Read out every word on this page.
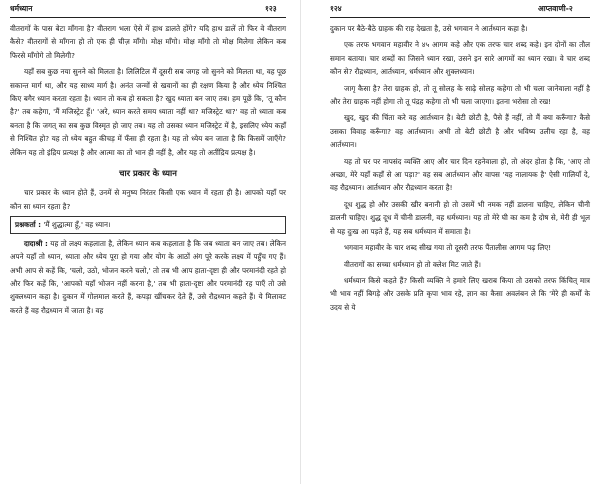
धर्मध्यान	१२३

वीतरागों के पास बेटा माँगना है? वीतराग भला ऐसे में हाथ डालते होंगे? यदि हाथ डालें तो फिर वे वीतराग कैसे? वीतरागों से माँगना हो तो एक ही चीज़ माँगो। मोक्ष माँगो। मोक्ष माँगो तो मोक्ष मिलेगा लेकिन कब फिरसे माँगोगे तो मिलेगी?

यहाँ सब कुछ नया सुनने को मिलता है। लिलिटिल मैं दूसरी सब जगह जो सुनने को मिलता था, वह पूछ सकान्त मार्ग था, और यह साध्य मार्ग है। अनंत जन्मों से खवानों का ही रक्षण किया है और ध्येय निश्चित किए बगैर ध्यान करता रहता है। ध्यान तो कब हो सकता है? खुद ध्याता बन जाए तब। हम पूछें कि, 'तू कौन है?' तब कहेगा, 'मैं मजिस्ट्रेट हूँ।' 'अरे, ध्यान करते समय ध्याता नहीं था? मजिस्ट्रेट था?' वह तो ध्याता कब बनता है कि जगत् का सब कुछ विस्मृत हो जाए तब। यह तो उसका ध्यान मजिस्ट्रेट में है, इसलिए ध्येय कहाँ से निश्चित हो? यह तो ध्येय बहुत कीचड़ में फँसा ही रहता है। यह तो ध्येय बन जाता है कि किसमें जाएँगे? लेकिन यह तो इंद्रिय प्रत्यक्ष है और आत्मा का तो भान ही नहीं है, और यह तो अतींद्रिय प्रत्यक्ष है।

चार प्रकार के ध्यान

चार प्रकार के ध्यान होते हैं, उनमें से मनुष्य निरंतर किसी एक ध्यान में रहता ही है। आपको यहाँ पर कौन सा ध्यान रहता है?

प्रश्नकर्ता : 'मैं शुद्धात्मा हूँ,' वह ध्यान।

दादाश्री : यह तो लक्ष्य कहलाता है, लेकिन ध्यान कब कहलाता है कि जब ध्याता बन जाए तब। लेकिन अपने यहाँ तो ध्यान, ध्याता और ध्येय पूरा हो गया और योग के आठों अंग पूरे करके लक्ष्य में पहुँच गए हैं। अभी आप से कहें कि, 'चलो, उठो, भोजन करने चलो,' तो तब भी आप हाता-दृष्टा ही और परमानंदी रहते हो और फिर कहें कि, 'आपको यहाँ भोजन नहीं करना है,' तब भी हाता-दृष्टा और परमानंदी रह पाएँ तो उसे शुक्लध्यान कहा है। दुकान में गोलमाल करते हैं, कपड़ा खींचकर देते हैं, उसे रौद्रध्यान कहते हैं। ये मिलावट करते हैं वह रौद्रध्यान में जाता है। वह

१२४	आप्तवाणी-२

दुकान पर बैठे-बैठे ग्राहक की राह देखता है, उसे भगवान ने आर्तध्यान कहा है।

एक तरफ भगवान महावीर ने ४५ आगम कहे और एक तरफ चार शब्द कहे। इन दोनों का तौल समान बताया। चार शब्दों का जिसने ध्यान रखा, उसने इन सारे आगमों का ध्यान रखा। वे चार शब्द कौन से? रौद्रध्यान, आर्तध्यान, धर्मध्यान और शुक्लध्यान।

जागृ कैसा है? तेरा ग्राहक हो, तो तू सोलह के साढ़े सोलह कहेगा तो भी चला जानेवाला नहीं है और तेरा ग्राहक नहीं होगा तो तू पंद्रह कहेगा तो भी चला जाएगा। इतना भरोसा तो रख!

खुद, खुद की चिंता करे वह आर्तध्यान है। बेटी छोटी है, पैसे हैं नहीं, तो मैं क्या करूँगा? कैसे उसका विवाह करूँगा? वह आर्तध्यान। अभी तो बेटी छोटी है और भविष्य उलीच रहा है, वह आर्तध्यान।

यह तो घर पर नापसंद व्यक्ति आए और चार दिन रहनेवाला हो, तो अंदर होता है कि, 'आए तो अच्छा, मेरे यहाँ कहाँ से आ पड़ा?' वह सब आर्तध्यान और वापस 'यह नालायक है' ऐसी गालियाँ दे, वह रौद्रध्यान। आर्तध्यान और रौद्रध्यान करता है!

दूध शुद्ध हो और उसकी खीर बनानी हो तो उसमें भी नमक नहीं डालना चाहिए, लेकिन चीनी डालनी चाहिए। शुद्ध दूध में चीनी डालनी, वह धर्मध्यान। यह तो मेरे घी का कम है दोष से, मेरी ही भूल से यह दुःख आ पड़ते हैं, यह सब धर्मध्यान में समाता है।

भगवान महावीर के चार शब्द सीख गया तो दूसरी तरफ पैंतालीस आगम पढ़ लिए!

वीतरागों का सच्चा धर्मध्यान हो तो क्लेश मिट जाते हैं।

धर्मध्यान किसे कहते हैं? किसी व्यक्ति ने हमारे लिए खराब किया तो उसको तरफ किंचित् मात्र भी भाव नहीं बिगड़े और उसके प्रति कृपा भाव रहे, ज्ञान का कैसा अवलंबन ले कि 'मेरे ही कर्मों के उदय से ये
